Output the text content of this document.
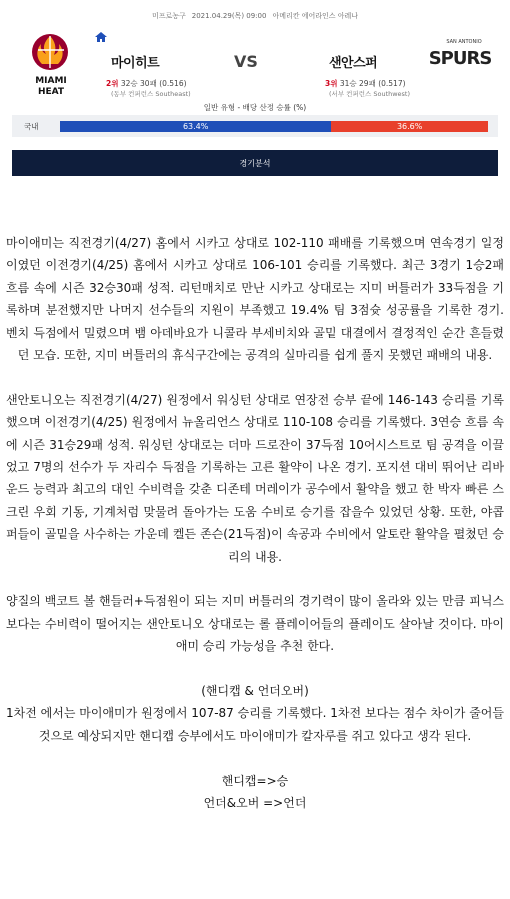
미프로농구 2021.04.29(목) 09:00 아메리칸 에어라인스 아레나
MIAMI
HEAT
마이히트	VS	샌안스퍼
2위 32승 30패 (0.516)
(동부 컨퍼런스 Southeast)
3위 31승 29패 (0.517)
(서부 컨퍼런스 Southwest)
SAN ANTONIO
SPURS
일반 유형 - 배당 산정 승률 (%)
국내	63.4%	36.6%
경기분석

마이애미는 직전경기(4/27) 홈에서 시카고 상대로 102-110 패배를 기록했으며 연속경기 일정 이였던 이전경기(4/25) 홈에서 시카고 상대로 106-101 승리를 기록했다. 최근 3경기 1승2패 흐름 속에 시즌 32승30패 성적. 리턴매치로 만난 시카고 상대로는 지미 버틀러가 33득점을 기록하며 분전했지만 나머지 선수들의 지원이 부족했고 19.4% 팀 3점슛 성공률을 기록한 경기. 벤치 득점에서 밀렸으며 뱀 아데바요가 니콜라 부세비치와 골밑 대결에서 결정적인 순간 흔들렸던 모습. 또한, 지미 버틀러의 휴식구간에는 공격의 실마리를 쉽게 풀지 못했던 패배의 내용.

샌안토니오는 직전경기(4/27) 원정에서 워싱턴 상대로 연장전 승부 끝에 146-143 승리를 기록했으며 이전경기(4/25) 원정에서 뉴올리언스 상대로 110-108 승리를 기록했다. 3연승 흐름 속에 시즌 31승29패 성적. 워싱턴 상대로는 더마 드로잔이 37득점 10어시스트로 팀 공격을 이끌었고 7명의 선수가 두 자리수 득점을 기록하는 고른 활약이 나온 경기. 포지션 대비 뛰어난 리바운드 능력과 최고의 대인 수비력을 갖춘 디존테 머레이가 공수에서 활약을 했고 한 박자 빠른 스크린 우회 기동, 기계처럼 맞물려 돌아가는 도움 수비로 승기를 잡을수 있었던 상황. 또한, 야콥 퍼들이 골밑을 사수하는 가운데 켈든 존슨(21득점)이 속공과 수비에서 알토란 활약을 펼쳤던 승리의 내용.

양질의 백코트 볼 핸들러+득점원이 되는 지미 버틀러의 경기력이 많이 올라와 있는 만큼 피닉스 보다는 수비력이 떨어지는 샌안토니오 상대로는 롤 플레이어들의 플레이도 살아날 것이다. 마이애미 승리 가능성을 추천 한다.

(핸디캡 & 언더오버)

1차전 에서는 마이애미가 원정에서 107-87 승리를 기록했다. 1차전 보다는 점수 차이가 줄어들 것으로 예상되지만 핸디캡 승부에서도 마이애미가 칼자루를 쥐고 있다고 생각 된다.

핸디캡=>승

언더&오버 =>언더
